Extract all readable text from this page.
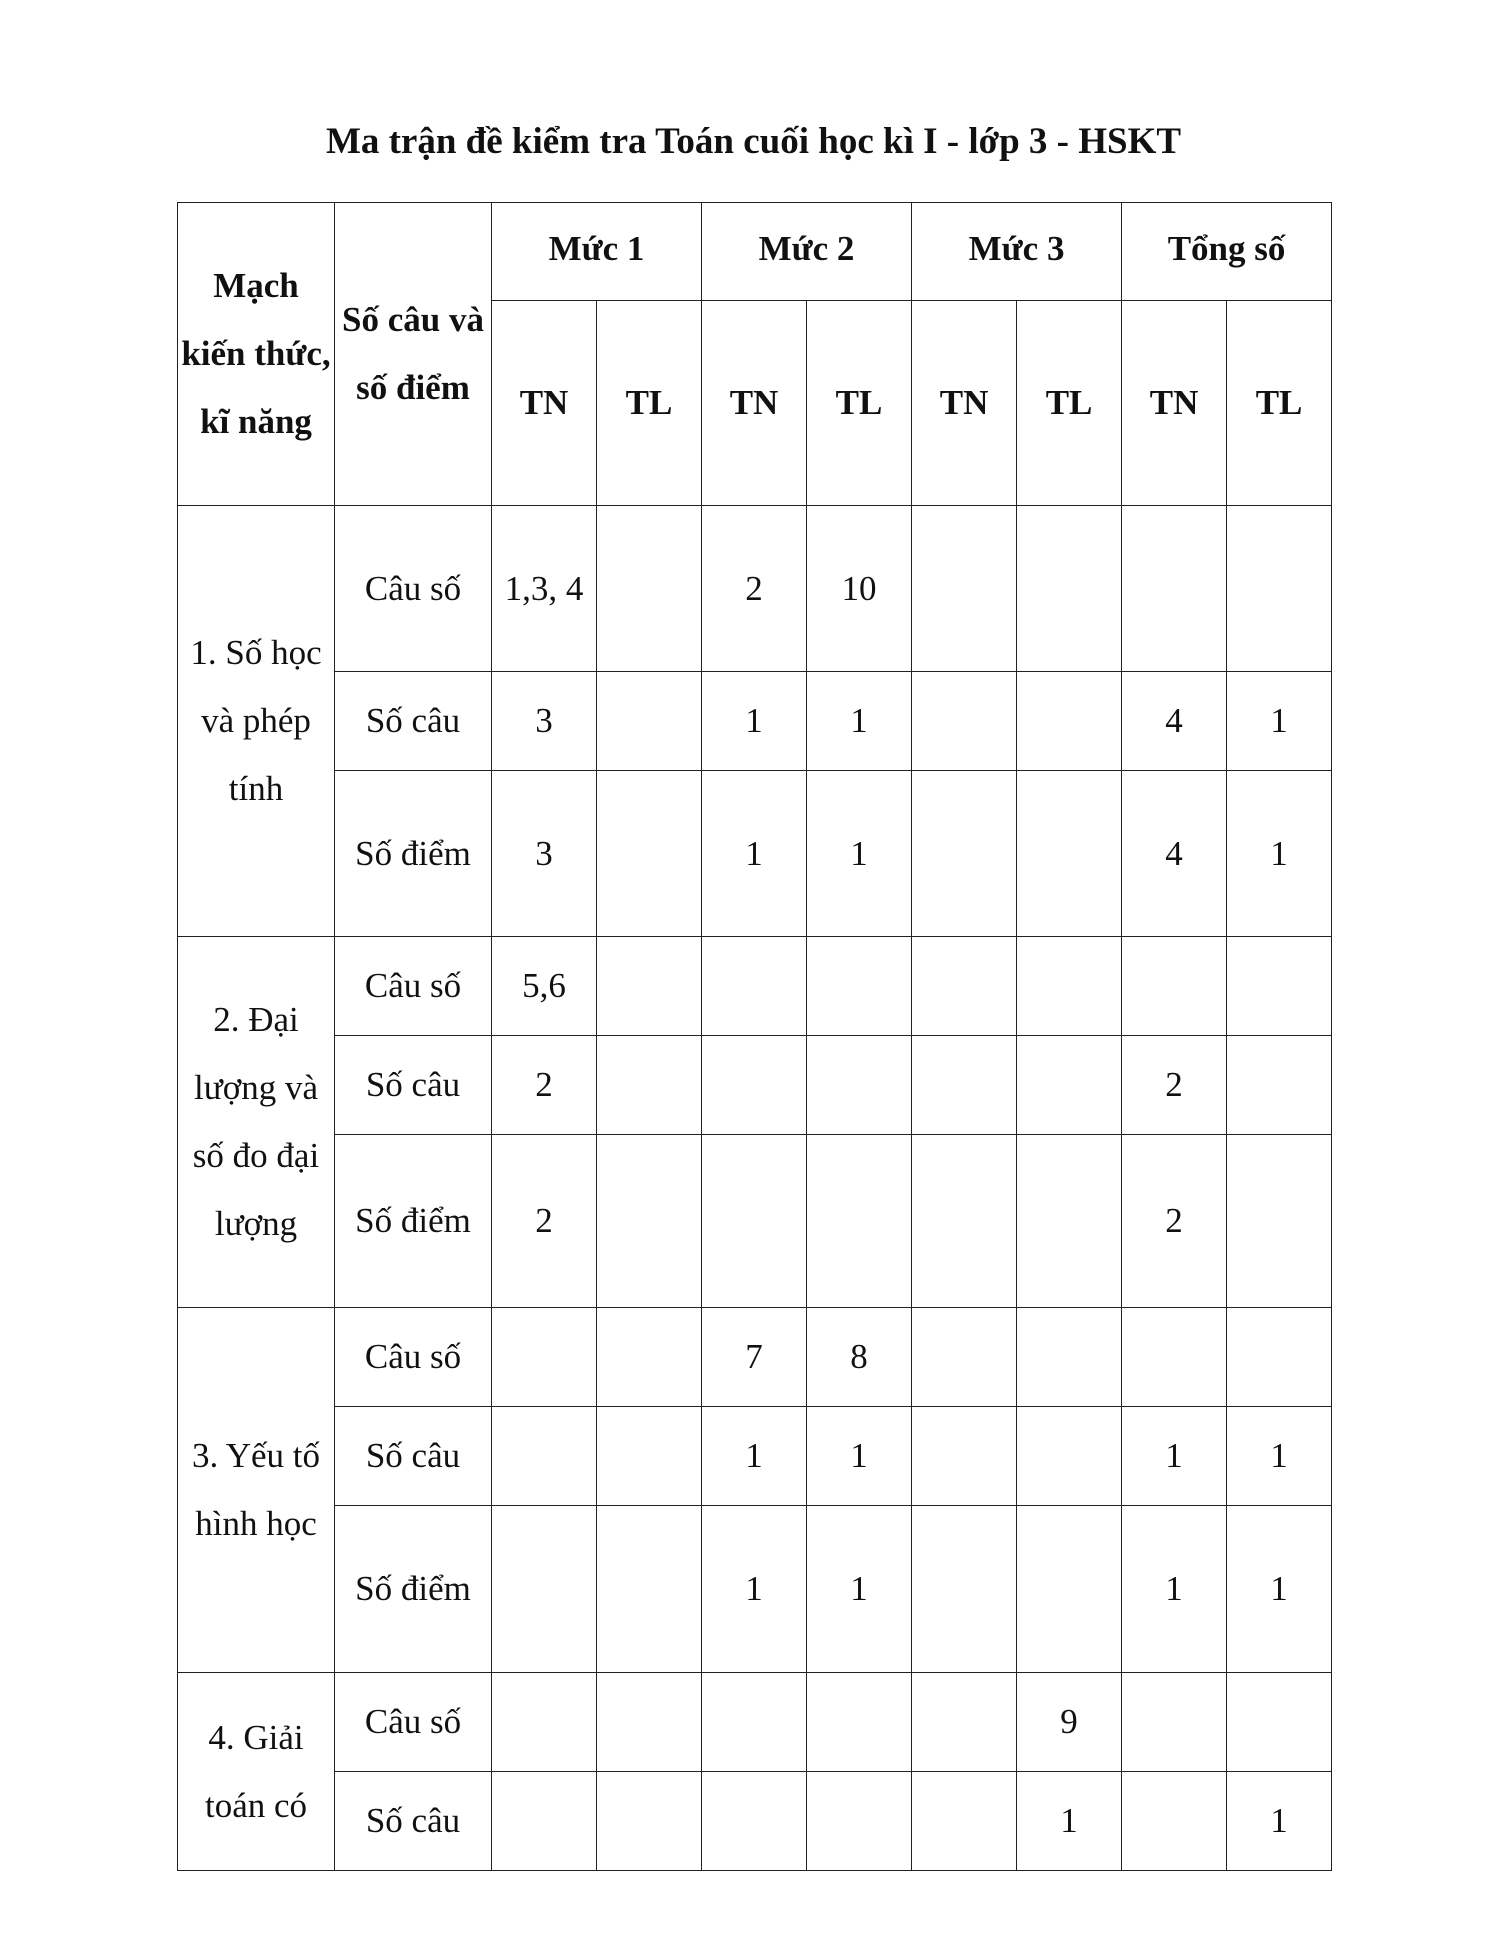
Ma trận đề kiểm tra Toán cuối học kì I - lớp 3 - HSKT
Mạch kiến thức, kĩ năng	Số câu và số điểm	Mức 1		Mức 2		Mức 3		Tổng số	
		TN	TL	TN	TL	TN	TL	TN	TL
1. Số học và phép tính	Câu số	1,3, 4		2	10				
	Số câu	3		1	1			4	1
	Số điểm	3		1	1			4	1
2. Đại lượng và số đo đại lượng	Câu số	5,6							
	Số câu	2						2	
	Số điểm	2						2	
3. Yếu tố hình học	Câu số			7	8				
	Số câu			1	1			1	1
	Số điểm			1	1			1	1
4. Giải toán có	Câu số						9		
	Số câu						1		1
